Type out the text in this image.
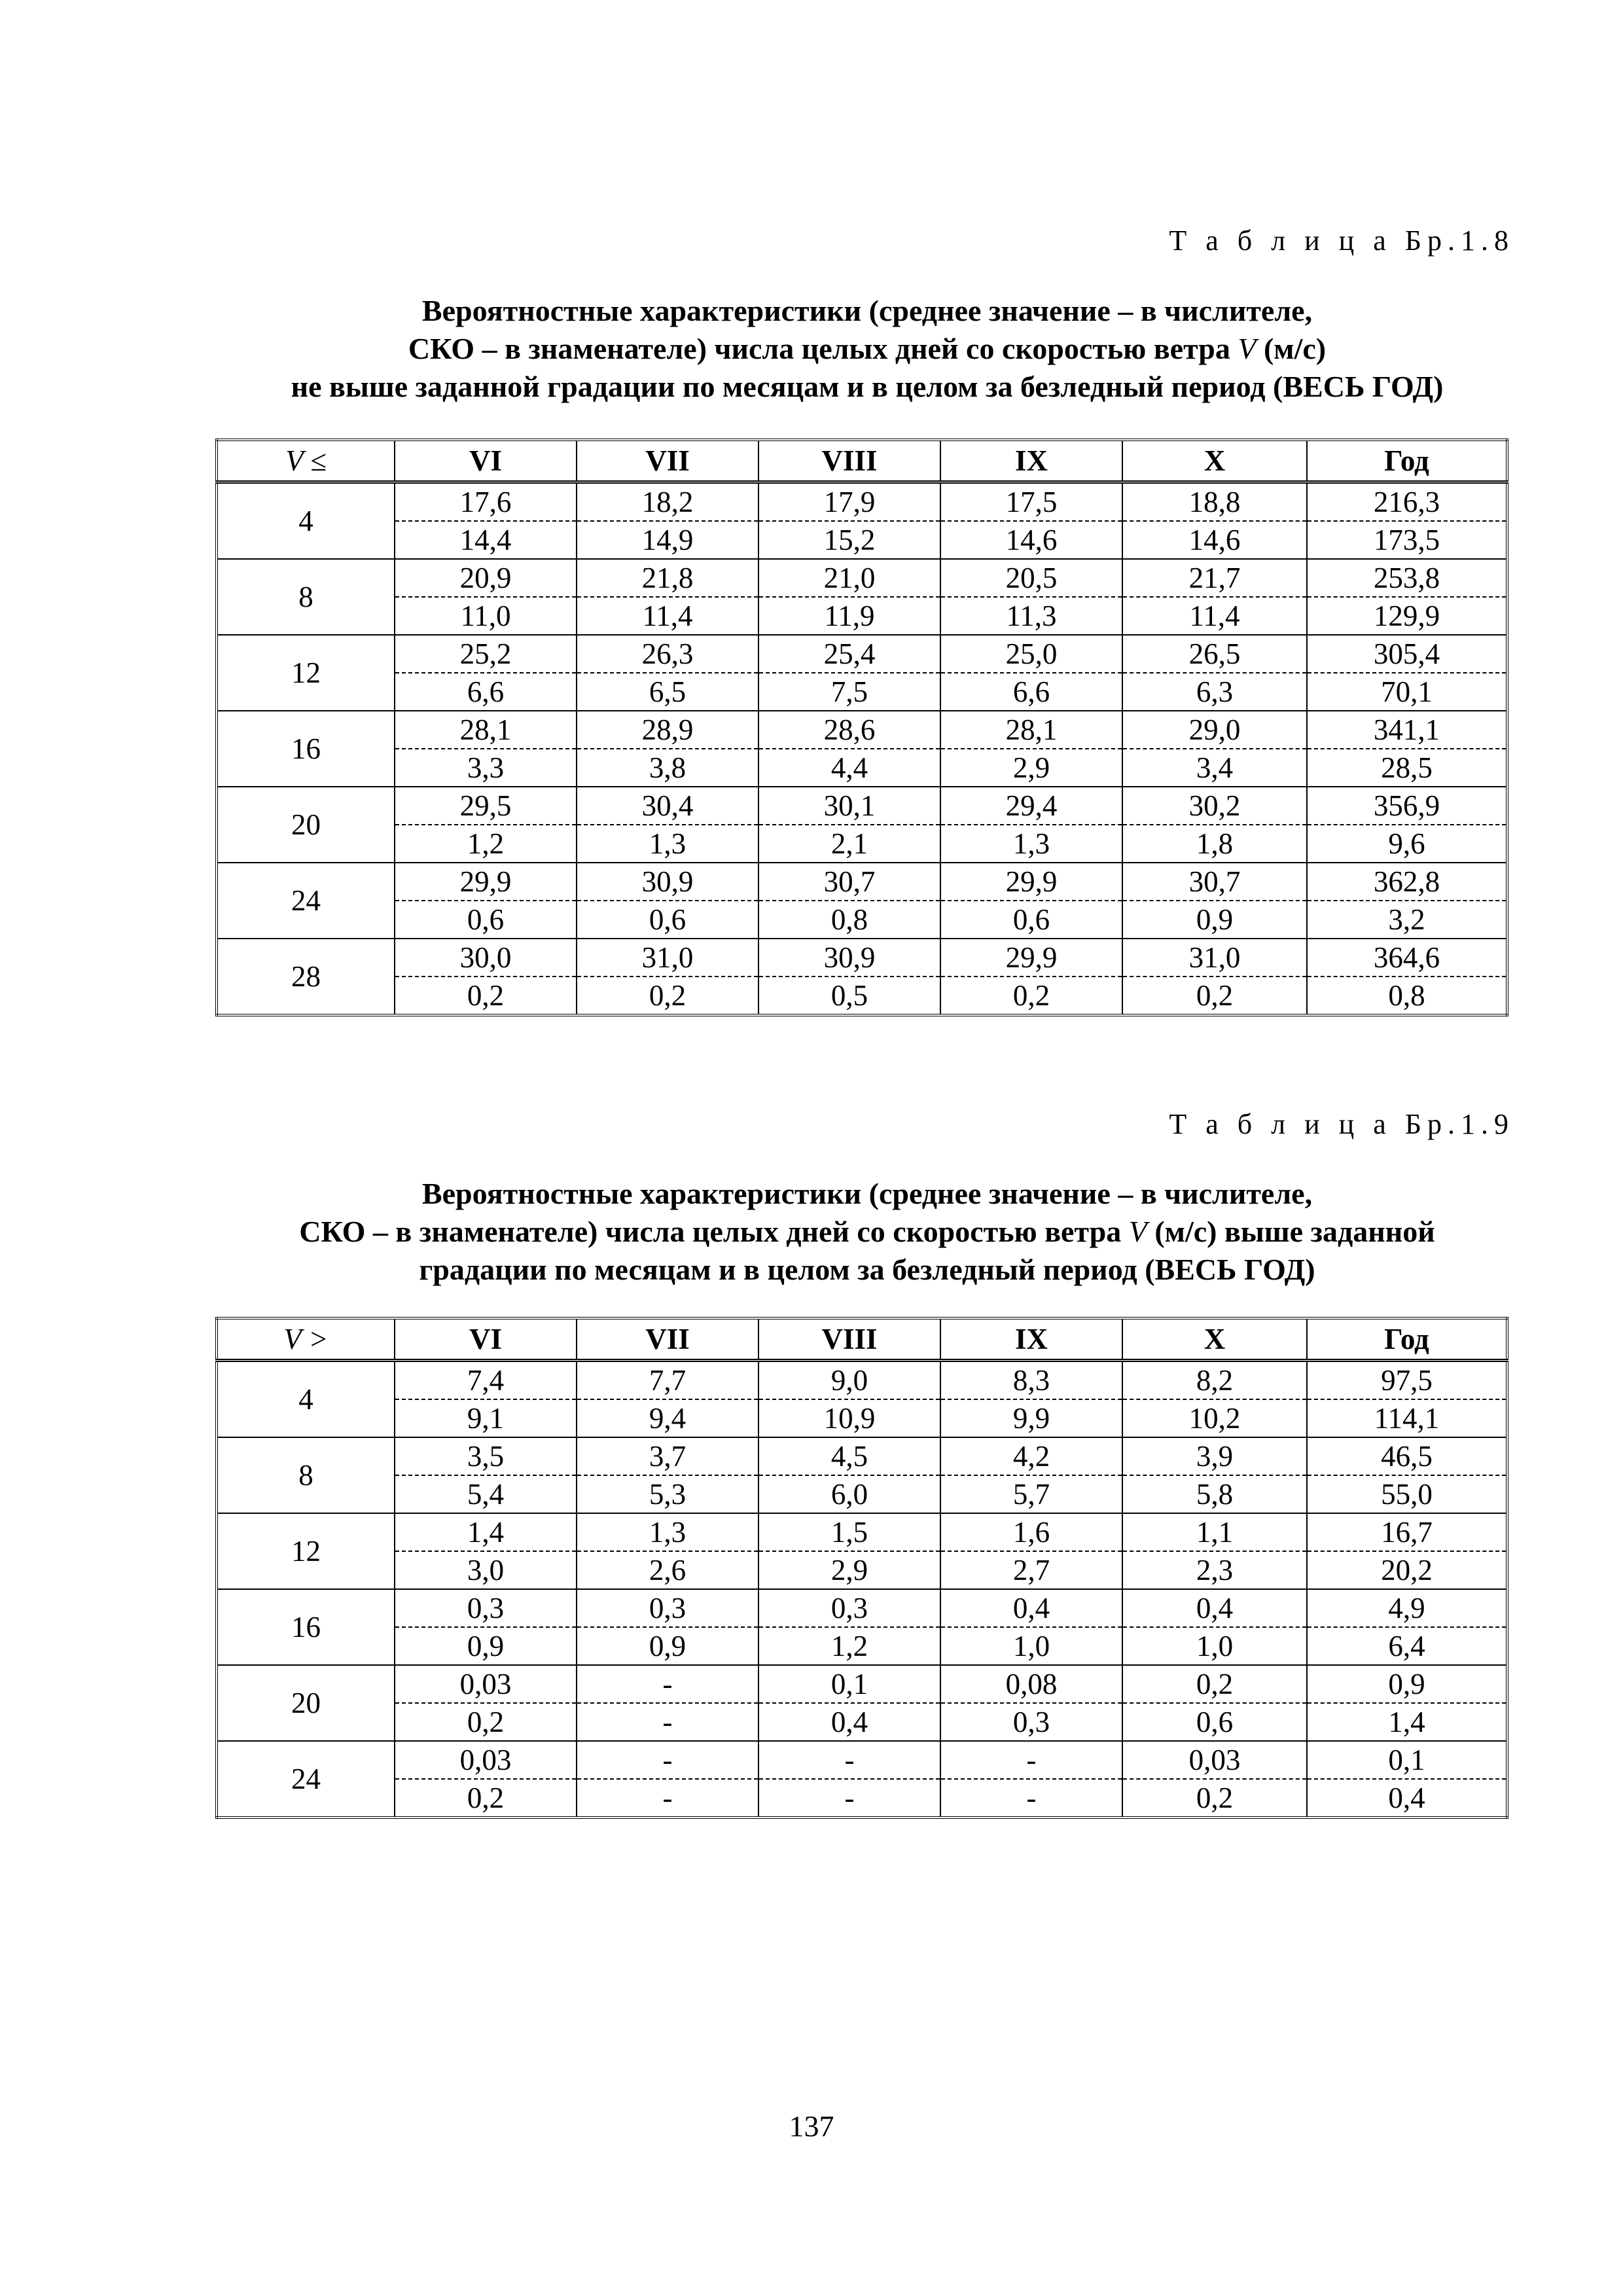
Т а б л и ц а Бр.1.8
Вероятностные характеристики (среднее значение – в числителе,
СКО – в знаменателе) числа целых дней со скоростью ветра V (м/с)
не выше заданной градации по месяцам и в целом за безледный период (ВЕСЬ ГОД)
V ≤	VI	VII	VIII	IX	X	Год
4	17,6	18,2	17,9	17,5	18,8	216,3
	14,4	14,9	15,2	14,6	14,6	173,5
8	20,9	21,8	21,0	20,5	21,7	253,8
	11,0	11,4	11,9	11,3	11,4	129,9
12	25,2	26,3	25,4	25,0	26,5	305,4
	6,6	6,5	7,5	6,6	6,3	70,1
16	28,1	28,9	28,6	28,1	29,0	341,1
	3,3	3,8	4,4	2,9	3,4	28,5
20	29,5	30,4	30,1	29,4	30,2	356,9
	1,2	1,3	2,1	1,3	1,8	9,6
24	29,9	30,9	30,7	29,9	30,7	362,8
	0,6	0,6	0,8	0,6	0,9	3,2
28	30,0	31,0	30,9	29,9	31,0	364,6
	0,2	0,2	0,5	0,2	0,2	0,8
Т а б л и ц а Бр.1.9
Вероятностные характеристики (среднее значение – в числителе,
СКО – в знаменателе) числа целых дней со скоростью ветра V (м/с) выше заданной
градации по месяцам и в целом за безледный период (ВЕСЬ ГОД)
V >	VI	VII	VIII	IX	X	Год
4	7,4	7,7	9,0	8,3	8,2	97,5
	9,1	9,4	10,9	9,9	10,2	114,1
8	3,5	3,7	4,5	4,2	3,9	46,5
	5,4	5,3	6,0	5,7	5,8	55,0
12	1,4	1,3	1,5	1,6	1,1	16,7
	3,0	2,6	2,9	2,7	2,3	20,2
16	0,3	0,3	0,3	0,4	0,4	4,9
	0,9	0,9	1,2	1,0	1,0	6,4
20	0,03	-	0,1	0,08	0,2	0,9
	0,2	-	0,4	0,3	0,6	1,4
24	0,03	-	-	-	0,03	0,1
	0,2	-	-	-	0,2	0,4
137
